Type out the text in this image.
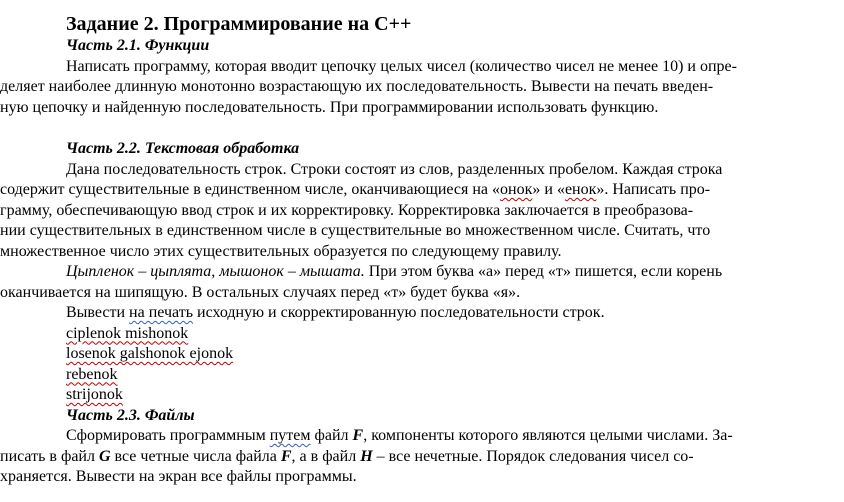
Задание 2. Программирование на С++
Часть 2.1. Функции

Написать программу, которая вводит цепочку целых чисел (количество чисел не менее 10) и опре-

деляет наиболее длинную монотонно возрастающую их последовательность. Вывести на печать введен-

ную цепочку и найденную последовательность. При программировании использовать функцию.

Часть 2.2. Текстовая обработка

Дана последовательность строк. Строки состоят из слов, разделенных пробелом. Каждая строка

содержит существительные в единственном числе, оканчивающиеся на «онок» и «енок». Написать про-

грамму, обеспечивающую ввод строк и их корректировку. Корректировка заключается в преобразова-

нии существительных в единственном числе в существительные во множественном числе. Считать, что

множественное число этих существительных образуется по следующему правилу.

Цыпленок – цыплята, мышонок – мышата. При этом буква «а» перед «т» пишется, если корень

оканчивается на шипящую. В остальных случаях перед «т» будет буква «я».

Вывести на печать исходную и скорректированную последовательности строк.

ciplenok mishonok
losenok galshonok ejonok
rebenok
strijonok
Часть 2.3. Файлы

Сформировать программным путем файл F, компоненты которого являются целыми числами. За-

писать в файл G все четные числа файла F, а в файл H – все нечетные. Порядок следования чисел со-

храняется. Вывести на экран все файлы программы.
